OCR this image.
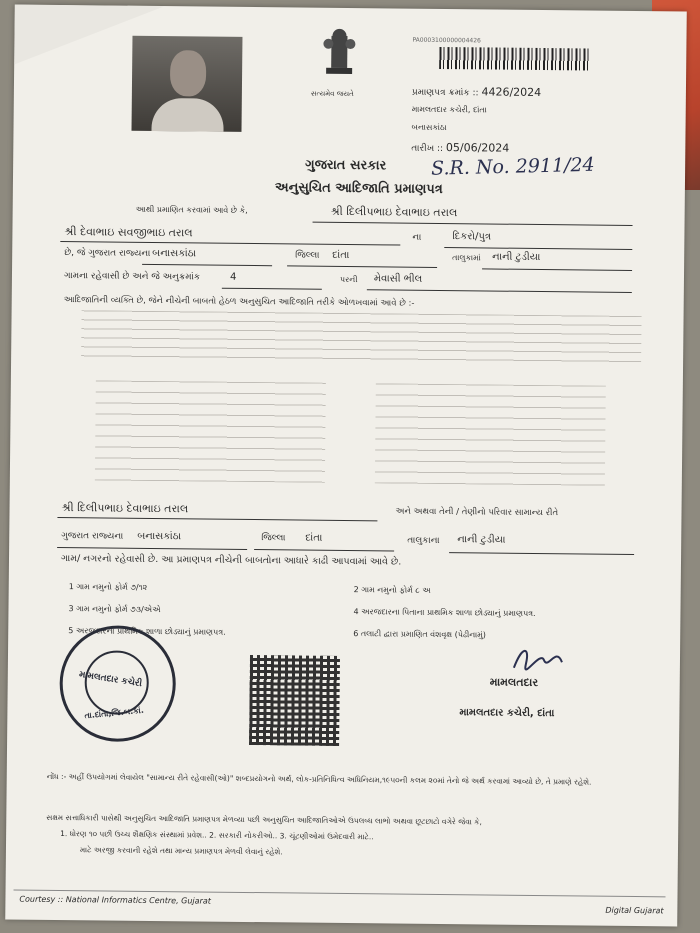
સત્યમેવ જયતે
PA0003100000004426
પ્રમાણપત્ર ક્રમાંક :: 4426/2024
મામલતદાર કચેરી, દાંતા
બનાસકાંઠા
તારીખ :: 05/06/2024
S.R. No. 2911/24
ગુજરાત સરકાર
અનુસુચિત આદિજાતિ પ્રમાણપત્ર
આથી પ્રમાણિત કરવામાં આવે છે કે,	શ્રી દિલીપભાઇ દેવાભાઇ તરાલ
શ્રી દેવાભાઇ સવજીભાઇ તરાલ	ના	દિકરો/પુત્ર
છે, જે ગુજરાત રાજ્યના બનાસકાંઠા	જિલ્લા દાંતા	તાલુકામાં નાની ટુડીયા
ગામના રહેવાસી છે અને જે અનુક્રમાંક	4	પરની મેવાસી ભીલ
આદિજાતિની વ્યક્તિ છે, જેને નીચેની બાબતો હેઠળ અનુસુચિત આદિજાતિ તરીકે ઓળખવામાં આવે છે :-
શ્રી દિલીપભાઇ દેવાભાઇ તરાલ	અને અથવા તેની / તેણીનો પરિવાર સામાન્ય રીતે
ગુજરાત રાજ્યના બનાસકાંઠા	જિલ્લા દાંતા	તાલુકાના નાની ટુડીયા
ગામ/ નગરનો રહેવાસી છે. આ પ્રમાણપત્ર નીચેની બાબતોના આધારે કાઢી આપવામાં આવે છે.
1 ગામ નમુનો ફોર્મ ૭/૧૨	2 ગામ નમુનો ફોર્મ ૮ અ
3 ગામ નમુનો ફોર્મ ૭૩/એએ	4 અરજદારના પિતાના પ્રાથમિક શાળા છોડ્યાનું પ્રમાણપત્ર.
5 અરજદારના પ્રાથમિક શાળા છોડ્યાનું પ્રમાણપત્ર.	6 તલાટી દ્વારા પ્રમાણિત વંશવૃક્ષ (પેઢીનામું)
મામલતદાર કચેરી
તા.દાંતા,જિ.બ.કાં.
મામલતદાર
મામલતદાર કચેરી, દાંતા
નોંધ :- અહીં ઉપયોગમાં લેવાયેલ "સામાન્ય રીતે રહેવાસી(ઓ)" શબ્દપ્રયોગનો અર્થ, લોક-પ્રતિનિધિત્વ અધિનિયમ,૧૯૫૦ની કલમ ૨૦માં તેનો જે અર્થ કરવામાં આવ્યો છે, તે પ્રમાણે રહેશે.
સક્ષમ સત્તાધિકારી પાસેથી અનુસુચિત આદિજાતિ પ્રમાણપત્ર મેળવ્યા પછી અનુસુચિત આદિજાતિઓએ ઉપલબ્ધ લાભો અથવા છૂટછાટો વગેરે જેવા કે,
1. ધોરણ ૧૦ પછી ઉચ્ચ શૈક્ષણિક સંસ્થામાં પ્રવેશ.. 2. સરકારી નોકરીઓ.. 3. ચૂંટણીઓમાં ઉમેદવારી માટે..
માટે અરજી કરવાની રહેશે તથા માન્ય પ્રમાણપત્ર મેળવી લેવાનું રહેશે.
Courtesy :: National Informatics Centre, Gujarat
Digital Gujarat
